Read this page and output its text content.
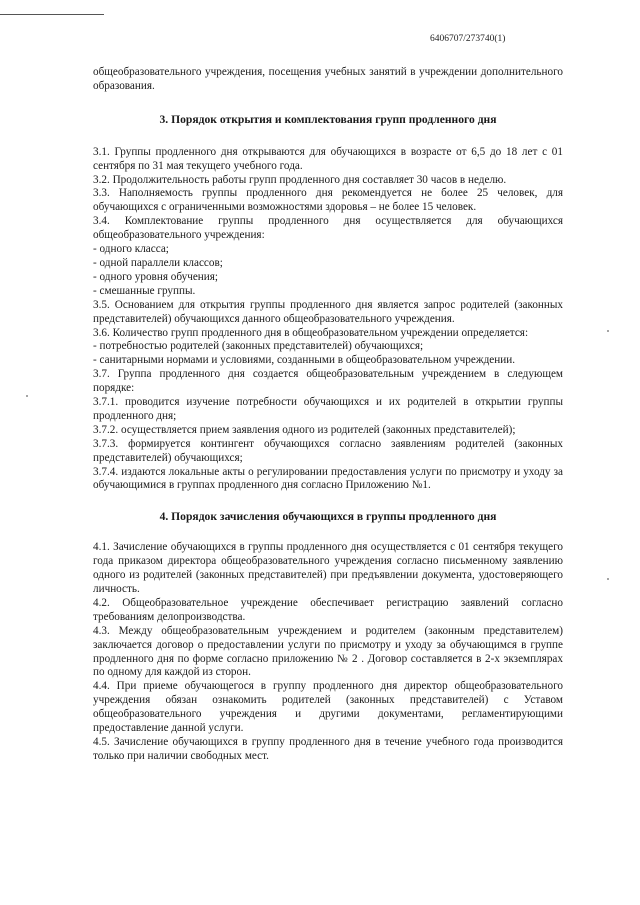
6406707/273740(1)

общеобразовательного учреждения, посещения учебных занятий в учреждении дополнительного образования.

3. Порядок открытия и комплектования групп продленного дня

3.1. Группы продленного дня открываются для обучающихся в возрасте от 6,5 до 18 лет с 01 сентября по 31 мая текущего учебного года.

3.2. Продолжительность работы групп продленного дня составляет 30 часов в неделю.

3.3. Наполняемость группы продленного дня рекомендуется не более 25 человек, для обучающихся с ограниченными возможностями здоровья – не более 15 человек.

3.4. Комплектование группы продленного дня осуществляется для обучающихся общеобразовательного учреждения:

- одного класса;

- одной параллели классов;

- одного уровня обучения;

- смешанные группы.

3.5. Основанием для открытия группы продленного дня является запрос родителей (законных представителей) обучающихся данного общеобразовательного учреждения.

3.6. Количество групп продленного дня в общеобразовательном учреждении определяется:

- потребностью родителей (законных представителей) обучающихся;

- санитарными нормами и условиями, созданными в общеобразовательном учреждении.

3.7. Группа продленного дня создается общеобразовательным учреждением в следующем порядке:

3.7.1. проводится изучение потребности обучающихся и их родителей в открытии группы продленного дня;

3.7.2. осуществляется прием заявления одного из родителей (законных представителей);

3.7.3. формируется контингент обучающихся согласно заявлениям родителей (законных представителей) обучающихся;

3.7.4. издаются локальные акты о регулировании предоставления услуги по присмотру и уходу за обучающимися в группах продленного дня согласно Приложению №1.

4. Порядок зачисления обучающихся в группы продленного дня

4.1. Зачисление обучающихся в группы продленного дня осуществляется с 01 сентября текущего года приказом директора общеобразовательного учреждения согласно письменному заявлению одного из родителей (законных представителей) при предъявлении документа, удостоверяющего личность.

4.2. Общеобразовательное учреждение обеспечивает регистрацию заявлений согласно требованиям делопроизводства.

4.3. Между общеобразовательным учреждением и родителем (законным представителем) заключается договор о предоставлении услуги по присмотру и уходу за обучающимся в группе продленного дня по форме согласно приложению № 2 . Договор составляется в 2-х экземплярах по одному для каждой из сторон.

4.4. При приеме обучающегося в группу продленного дня директор общеобразовательного учреждения обязан ознакомить родителей (законных представителей) с Уставом общеобразовательного учреждения и другими документами, регламентирующими предоставление данной услуги.

4.5. Зачисление обучающихся в группу продленного дня в течение учебного года производится только при наличии свободных мест.
